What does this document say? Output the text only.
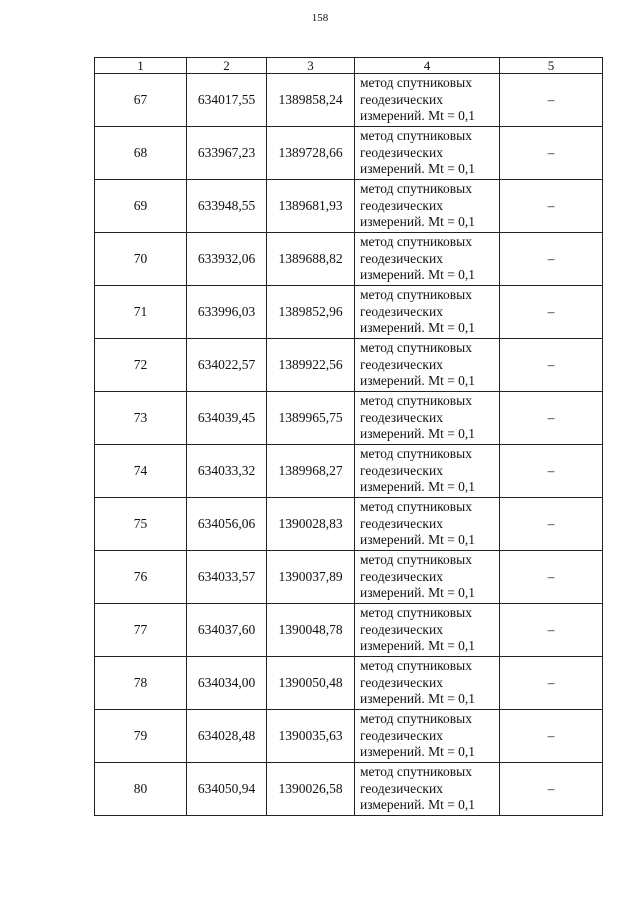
158
1	2	3	4	5
67	634017,55	1389858,24	метод спутниковых
геодезических
измерений. Mt = 0,1	–
68	633967,23	1389728,66	метод спутниковых
геодезических
измерений. Mt = 0,1	–
69	633948,55	1389681,93	метод спутниковых
геодезических
измерений. Mt = 0,1	–
70	633932,06	1389688,82	метод спутниковых
геодезических
измерений. Mt = 0,1	–
71	633996,03	1389852,96	метод спутниковых
геодезических
измерений. Mt = 0,1	–
72	634022,57	1389922,56	метод спутниковых
геодезических
измерений. Mt = 0,1	–
73	634039,45	1389965,75	метод спутниковых
геодезических
измерений. Mt = 0,1	–
74	634033,32	1389968,27	метод спутниковых
геодезических
измерений. Mt = 0,1	–
75	634056,06	1390028,83	метод спутниковых
геодезических
измерений. Mt = 0,1	–
76	634033,57	1390037,89	метод спутниковых
геодезических
измерений. Mt = 0,1	–
77	634037,60	1390048,78	метод спутниковых
геодезических
измерений. Mt = 0,1	–
78	634034,00	1390050,48	метод спутниковых
геодезических
измерений. Mt = 0,1	–
79	634028,48	1390035,63	метод спутниковых
геодезических
измерений. Mt = 0,1	–
80	634050,94	1390026,58	метод спутниковых
геодезических
измерений. Mt = 0,1	–
